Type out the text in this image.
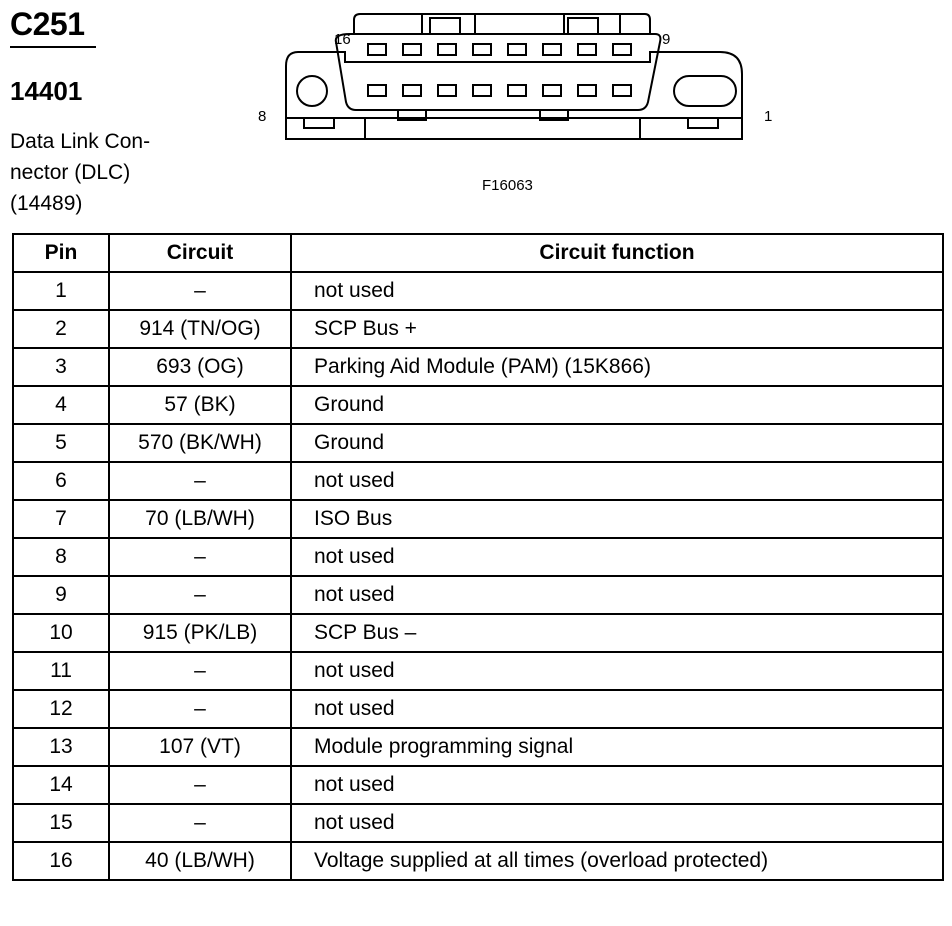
C251
14401
Data Link Con-
nector (DLC)
(14489)
16	9
8	1
F16063
Pin	Circuit	Circuit function
1	–	not used
2	914 (TN/OG)	SCP Bus +
3	693 (OG)	Parking Aid Module (PAM) (15K866)
4	57 (BK)	Ground
5	570 (BK/WH)	Ground
6	–	not used
7	70 (LB/WH)	ISO Bus
8	–	not used
9	–	not used
10	915 (PK/LB)	SCP Bus –
11	–	not used
12	–	not used
13	107 (VT)	Module programming signal
14	–	not used
15	–	not used
16	40 (LB/WH)	Voltage supplied at all times (overload protected)
